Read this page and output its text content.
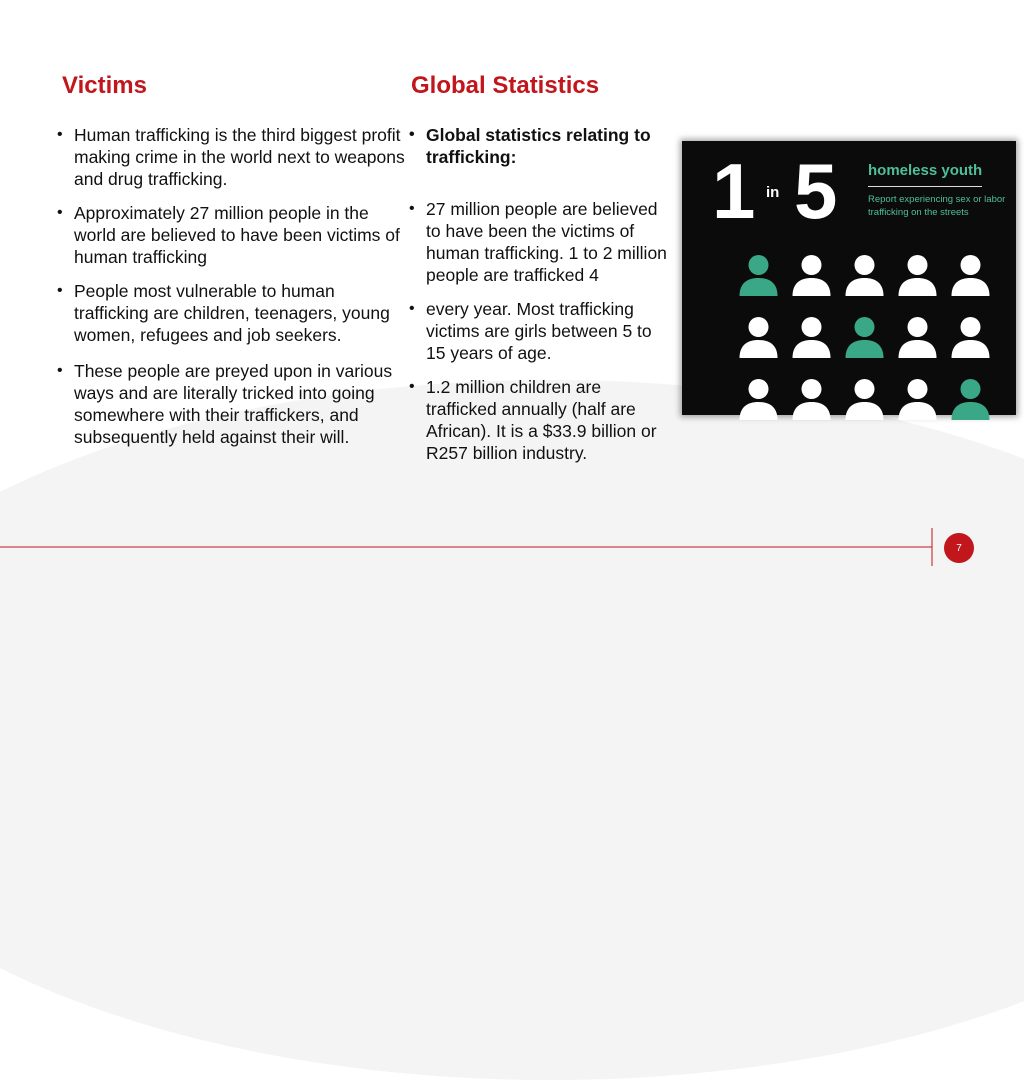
Victims	Global Statistics
• Human trafficking is the third biggest profit making crime in the world next to weapons and drug trafficking.
• Approximately 27 million people in the world are believed to have been victims of human trafficking
• People most vulnerable to human trafficking are children, teenagers, young women, refugees and job seekers.
• These people are preyed upon in various ways and are literally tricked into going somewhere with their traffickers, and subsequently held against their will.
• Global statistics relating to trafficking:
• 27 million people are believed to have been the victims of human trafficking. 1 to 2 million people are trafficked 4
• every year. Most trafficking victims are girls between 5 to 15 years of age.
• 1.2 million children are trafficked annually (half are African). It is a $33.9 billion or R257 billion industry.
1 in 5 homeless youth
Report experiencing sex or labor trafficking on the streets
7
